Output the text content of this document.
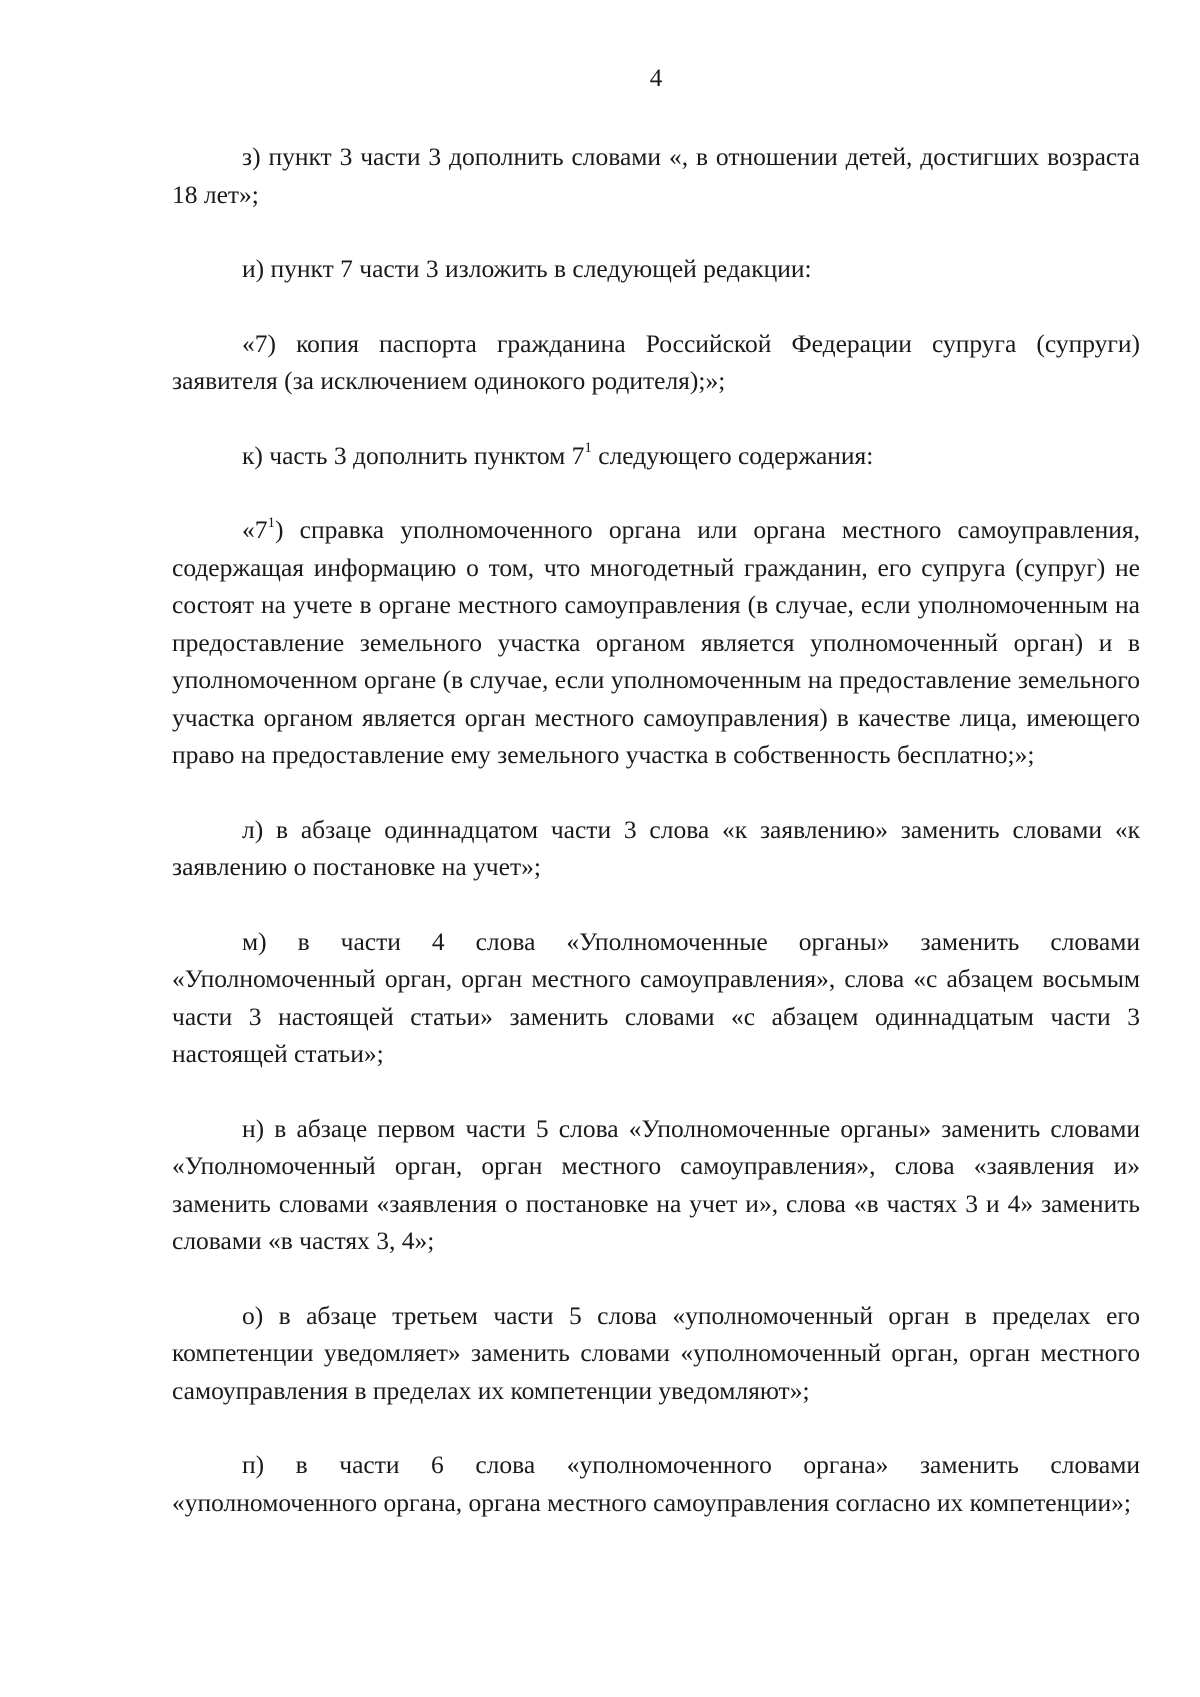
4

з) пункт 3 части 3 дополнить словами «, в отношении детей, достигших возраста 18 лет»;

и) пункт 7 части 3 изложить в следующей редакции:

«7) копия паспорта гражданина Российской Федерации супруга (супруги) заявителя (за исключением одинокого родителя);»;

к) часть 3 дополнить пунктом $7^1$ следующего содержания:

«$7^1$) справка уполномоченного органа или органа местного самоуправления, содержащая информацию о том, что многодетный гражданин, его супруга (супруг) не состоят на учете в органе местного самоуправления (в случае, если уполномоченным на предоставление земельного участка органом является уполномоченный орган) и в уполномоченном органе (в случае, если уполномоченным на предоставление земельного участка органом является орган местного самоуправления) в качестве лица, имеющего право на предоставление ему земельного участка в собственность бесплатно;»;

л) в абзаце одиннадцатом части 3 слова «к заявлению» заменить словами «к заявлению о постановке на учет»;

м) в части 4 слова «Уполномоченные органы» заменить словами «Уполномоченный орган, орган местного самоуправления», слова «с абзацем восьмым части 3 настоящей статьи» заменить словами «с абзацем одиннадцатым части 3 настоящей статьи»;

н) в абзаце первом части 5 слова «Уполномоченные органы» заменить словами «Уполномоченный орган, орган местного самоуправления», слова «заявления и» заменить словами «заявления о постановке на учет и», слова «в частях 3 и 4» заменить словами «в частях 3, 4»;

о) в абзаце третьем части 5 слова «уполномоченный орган в пределах его компетенции уведомляет» заменить словами «уполномоченный орган, орган местного самоуправления в пределах их компетенции уведомляют»;

п) в части 6 слова «уполномоченного органа» заменить словами «уполномоченного органа, органа местного самоуправления согласно их компетенции»;
